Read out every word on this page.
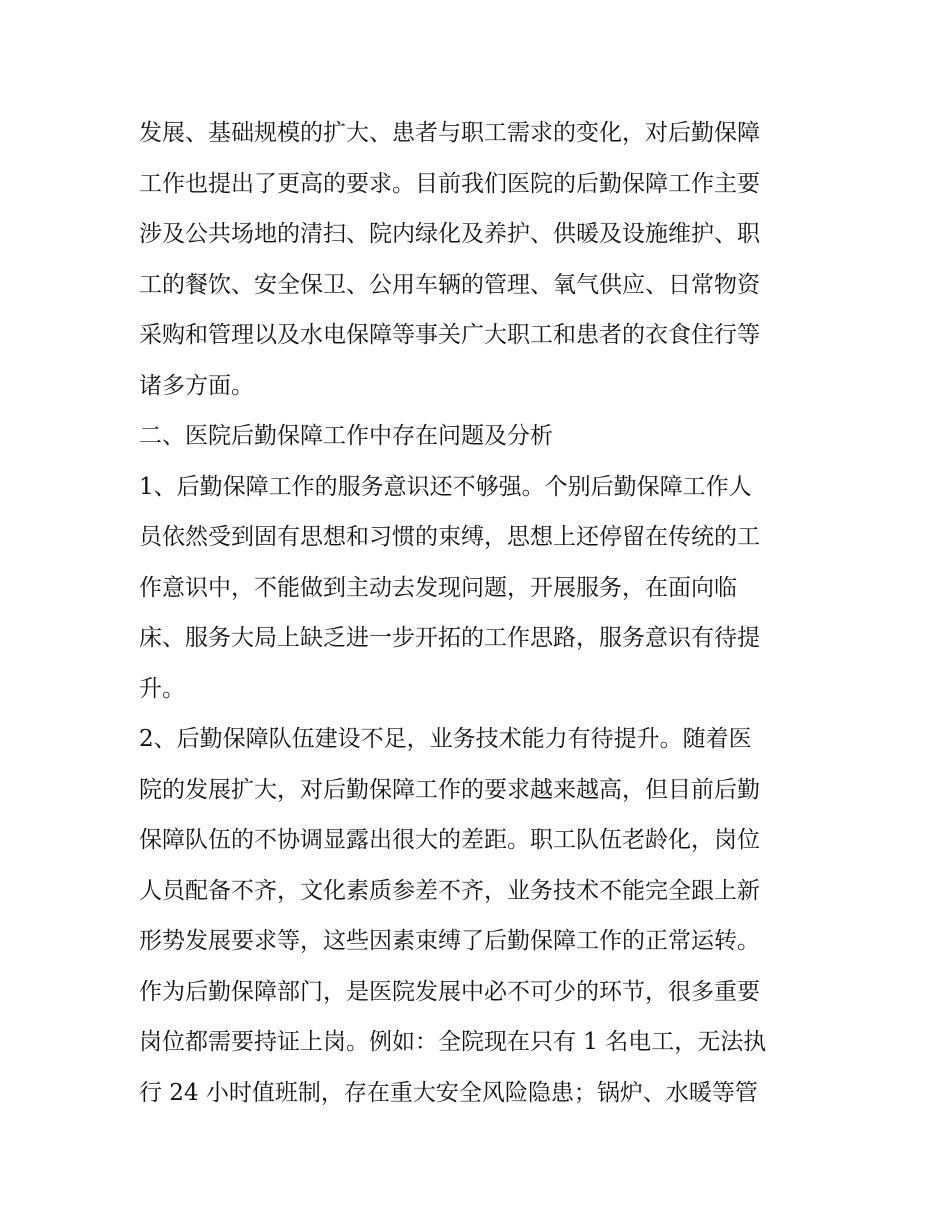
发展、基础规模的扩大、患者与职工需求的变化，对后勤保障
工作也提出了更高的要求。目前我们医院的后勤保障工作主要
涉及公共场地的清扫、院内绿化及养护、供暖及设施维护、职
工的餐饮、安全保卫、公用车辆的管理、氧气供应、日常物资
采购和管理以及水电保障等事关广大职工和患者的衣食住行等
诸多方面。
二、医院后勤保障工作中存在问题及分析
1、后勤保障工作的服务意识还不够强。个别后勤保障工作人
员依然受到固有思想和习惯的束缚，思想上还停留在传统的工
作意识中，不能做到主动去发现问题，开展服务，在面向临
床、服务大局上缺乏进一步开拓的工作思路，服务意识有待提
升。
2、后勤保障队伍建设不足，业务技术能力有待提升。随着医
院的发展扩大，对后勤保障工作的要求越来越高，但目前后勤
保障队伍的不协调显露出很大的差距。职工队伍老龄化，岗位
人员配备不齐，文化素质参差不齐，业务技术不能完全跟上新
形势发展要求等，这些因素束缚了后勤保障工作的正常运转。
作为后勤保障部门，是医院发展中必不可少的环节，很多重要
岗位都需要持证上岗。例如：全院现在只有 1 名电工，无法执
行 24 小时值班制，存在重大安全风险隐患；锅炉、水暖等管
